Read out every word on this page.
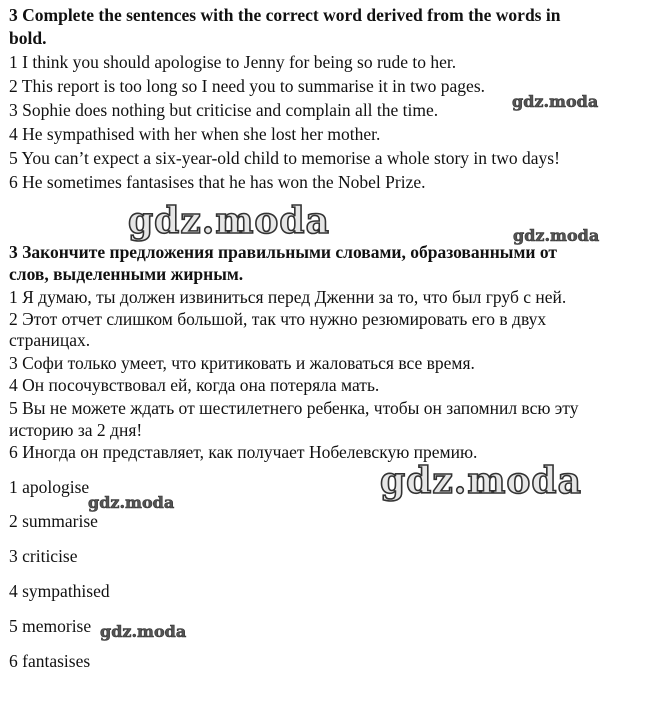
3 Complete the sentences with the correct word derived from the words in
bold.
1 I think you should apologise to Jenny for being so rude to her.
2 This report is too long so I need you to summarise it in two pages.
3 Sophie does nothing but criticise and complain all the time.
4 He sympathised with her when she lost her mother.
5 You can’t expect a six-year-old child to memorise a whole story in two days!
6 He sometimes fantasises that he has won the Nobel Prize.
3 Закончите предложения правильными словами, образованными от
слов, выделенными жирным.
1 Я думаю, ты должен извиниться перед Дженни за то, что был груб с ней.
2 Этот отчет слишком большой, так что нужно резюмировать его в двух
страницах.
3 Софи только умеет, что критиковать и жаловаться все время.
4 Он посочувствовал ей, когда она потеряла мать.
5 Вы не можете ждать от шестилетнего ребенка, чтобы он запомнил всю эту
историю за 2 дня!
6 Иногда он представляет, как получает Нобелевскую премию.
1 apologise
2 summarise
3 criticise
4 sympathised
5 memorise
6 fantasises
gdz.moda
gdz.moda	gdz.moda
gdz.moda
gdz.moda
gdz.moda
